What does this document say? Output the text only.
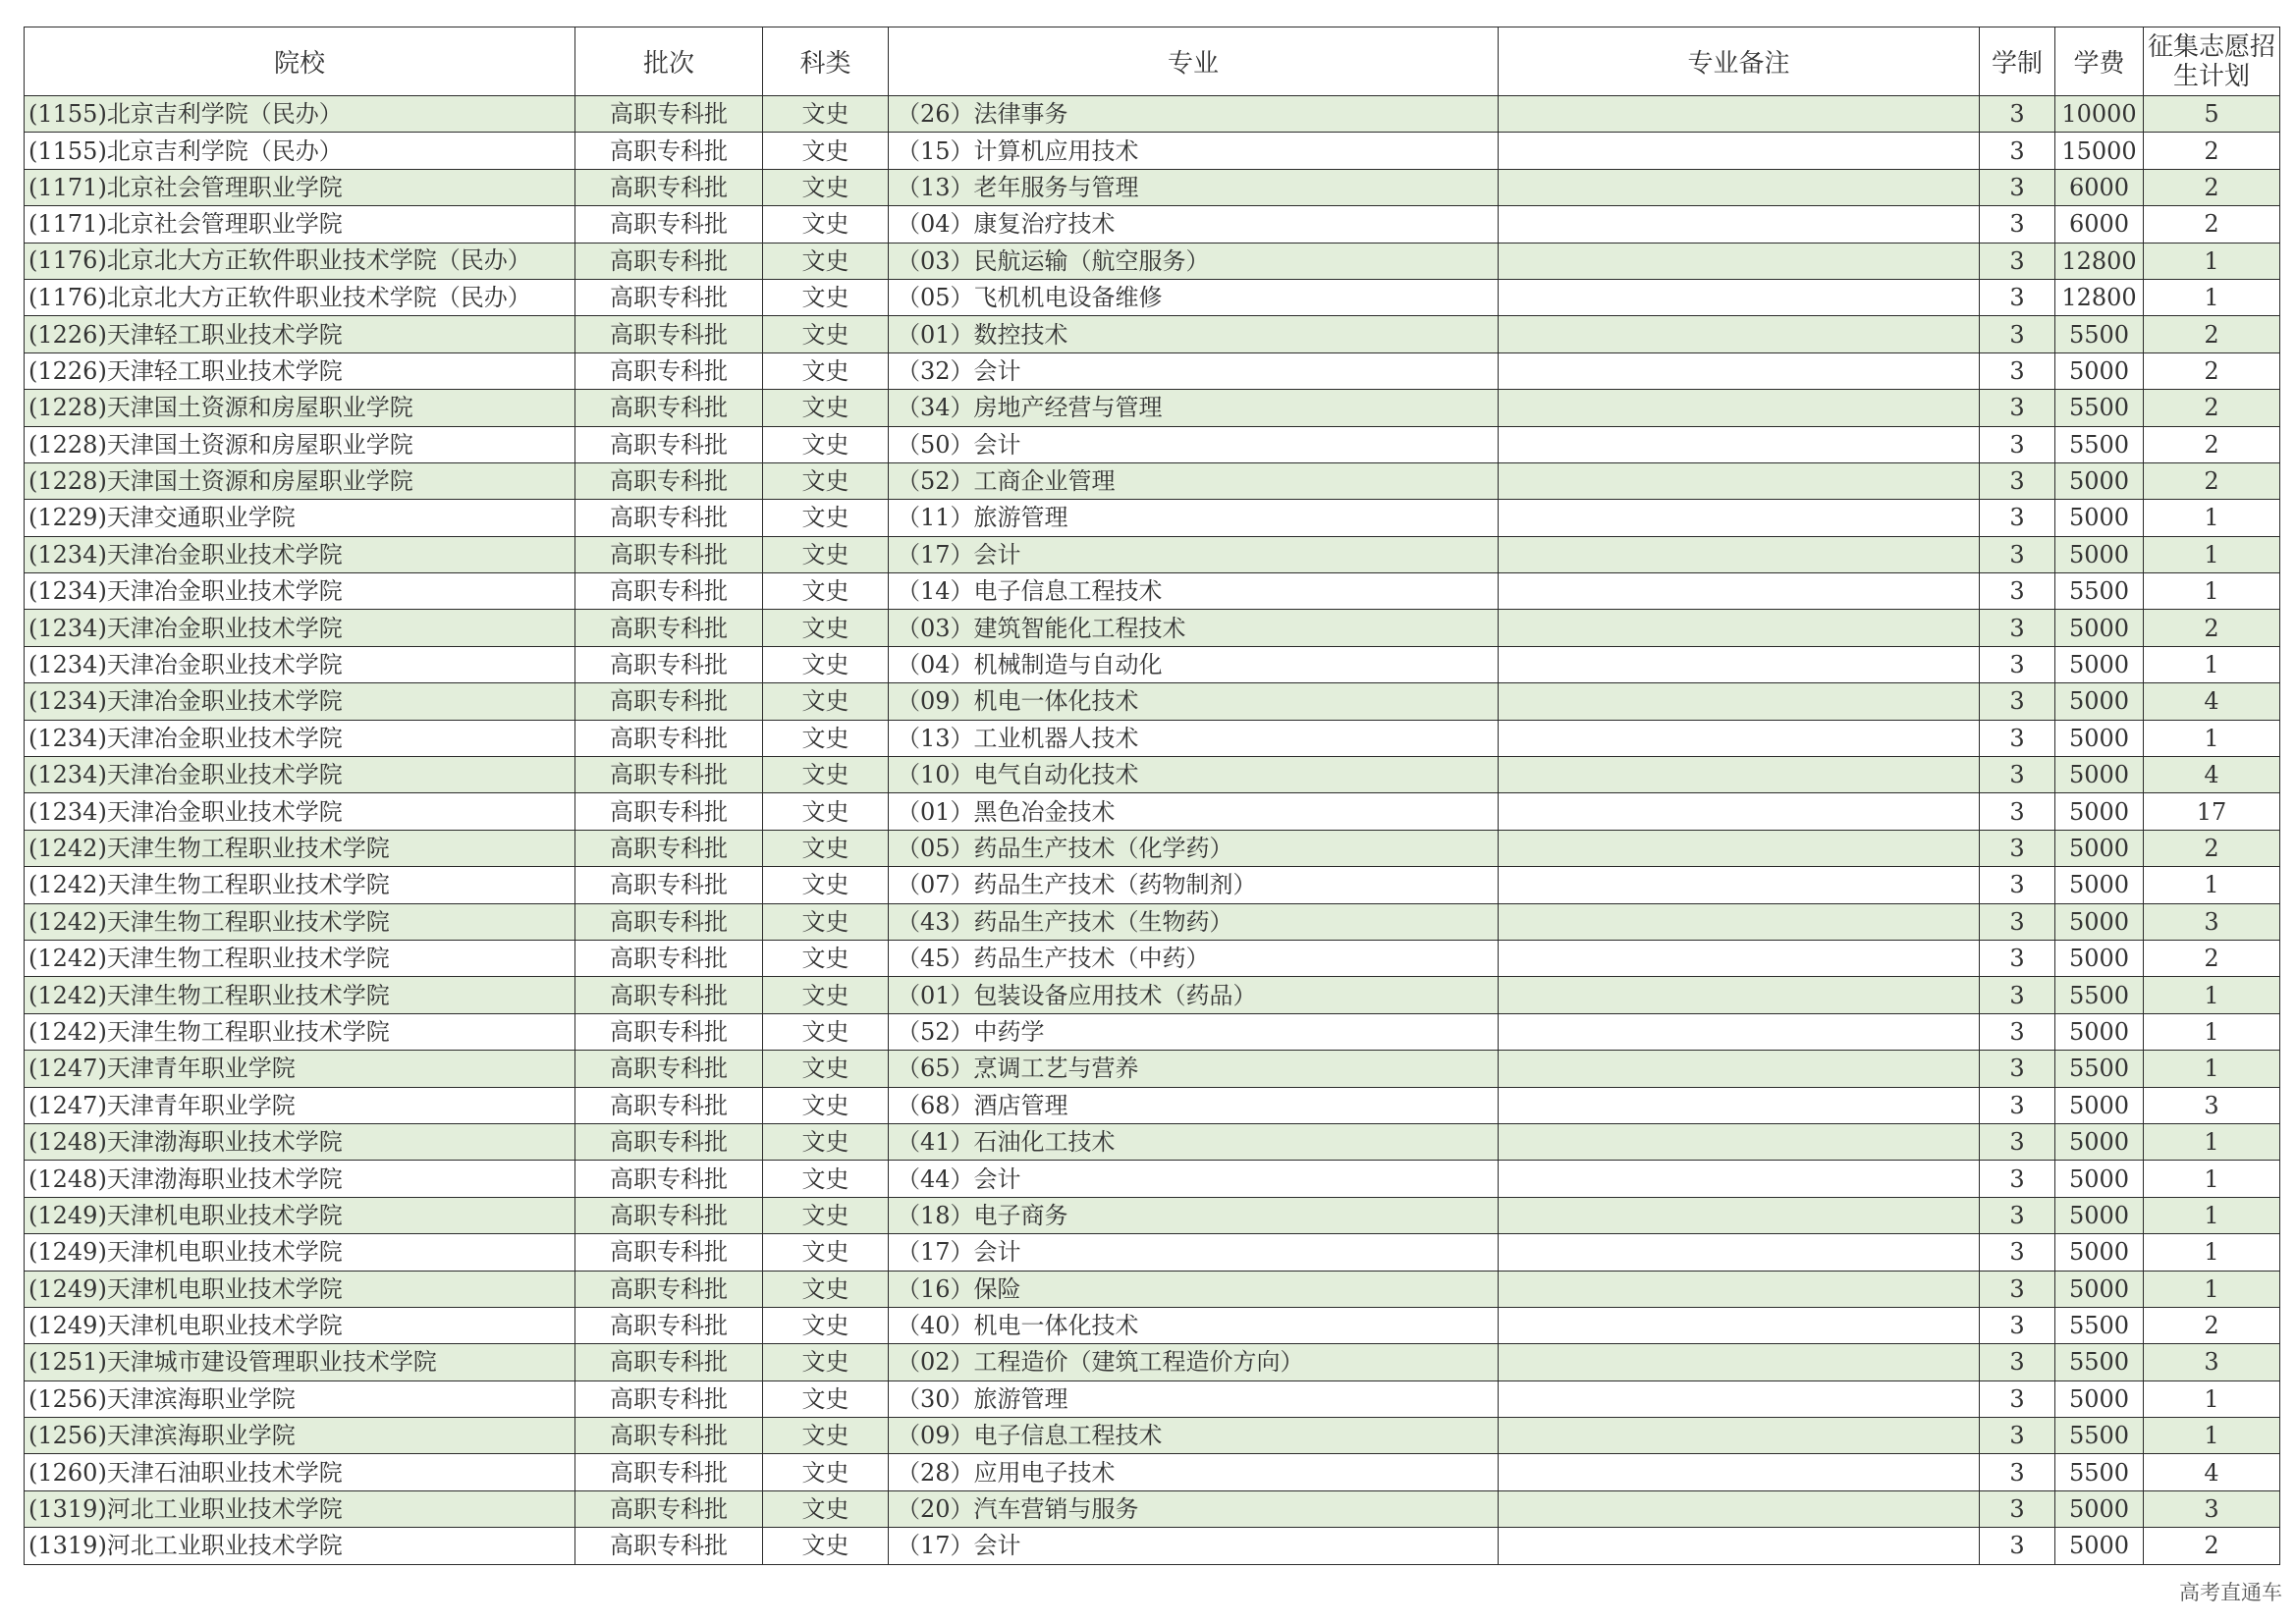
院校	批次	科类	专业	专业备注	学制	学费	征集志愿招生计划
(1155)北京吉利学院（民办）	高职专科批	文史	（26）法律事务		3	10000	5
(1155)北京吉利学院（民办）	高职专科批	文史	（15）计算机应用技术		3	15000	2
(1171)北京社会管理职业学院	高职专科批	文史	（13）老年服务与管理		3	6000	2
(1171)北京社会管理职业学院	高职专科批	文史	（04）康复治疗技术		3	6000	2
(1176)北京北大方正软件职业技术学院（民办）	高职专科批	文史	（03）民航运输（航空服务）		3	12800	1
(1176)北京北大方正软件职业技术学院（民办）	高职专科批	文史	（05）飞机机电设备维修		3	12800	1
(1226)天津轻工职业技术学院	高职专科批	文史	（01）数控技术		3	5500	2
(1226)天津轻工职业技术学院	高职专科批	文史	（32）会计		3	5000	2
(1228)天津国土资源和房屋职业学院	高职专科批	文史	（34）房地产经营与管理		3	5500	2
(1228)天津国土资源和房屋职业学院	高职专科批	文史	（50）会计		3	5500	2
(1228)天津国土资源和房屋职业学院	高职专科批	文史	（52）工商企业管理		3	5000	2
(1229)天津交通职业学院	高职专科批	文史	（11）旅游管理		3	5000	1
(1234)天津冶金职业技术学院	高职专科批	文史	（17）会计		3	5000	1
(1234)天津冶金职业技术学院	高职专科批	文史	（14）电子信息工程技术		3	5500	1
(1234)天津冶金职业技术学院	高职专科批	文史	（03）建筑智能化工程技术		3	5000	2
(1234)天津冶金职业技术学院	高职专科批	文史	（04）机械制造与自动化		3	5000	1
(1234)天津冶金职业技术学院	高职专科批	文史	（09）机电一体化技术		3	5000	4
(1234)天津冶金职业技术学院	高职专科批	文史	（13）工业机器人技术		3	5000	1
(1234)天津冶金职业技术学院	高职专科批	文史	（10）电气自动化技术		3	5000	4
(1234)天津冶金职业技术学院	高职专科批	文史	（01）黑色冶金技术		3	5000	17
(1242)天津生物工程职业技术学院	高职专科批	文史	（05）药品生产技术（化学药）		3	5000	2
(1242)天津生物工程职业技术学院	高职专科批	文史	（07）药品生产技术（药物制剂）		3	5000	1
(1242)天津生物工程职业技术学院	高职专科批	文史	（43）药品生产技术（生物药）		3	5000	3
(1242)天津生物工程职业技术学院	高职专科批	文史	（45）药品生产技术（中药）		3	5000	2
(1242)天津生物工程职业技术学院	高职专科批	文史	（01）包装设备应用技术（药品）		3	5500	1
(1242)天津生物工程职业技术学院	高职专科批	文史	（52）中药学		3	5000	1
(1247)天津青年职业学院	高职专科批	文史	（65）烹调工艺与营养		3	5500	1
(1247)天津青年职业学院	高职专科批	文史	（68）酒店管理		3	5000	3
(1248)天津渤海职业技术学院	高职专科批	文史	（41）石油化工技术		3	5000	1
(1248)天津渤海职业技术学院	高职专科批	文史	（44）会计		3	5000	1
(1249)天津机电职业技术学院	高职专科批	文史	（18）电子商务		3	5000	1
(1249)天津机电职业技术学院	高职专科批	文史	（17）会计		3	5000	1
(1249)天津机电职业技术学院	高职专科批	文史	（16）保险		3	5000	1
(1249)天津机电职业技术学院	高职专科批	文史	（40）机电一体化技术		3	5500	2
(1251)天津城市建设管理职业技术学院	高职专科批	文史	（02）工程造价（建筑工程造价方向）		3	5500	3
(1256)天津滨海职业学院	高职专科批	文史	（30）旅游管理		3	5000	1
(1256)天津滨海职业学院	高职专科批	文史	（09）电子信息工程技术		3	5500	1
(1260)天津石油职业技术学院	高职专科批	文史	（28）应用电子技术		3	5500	4
(1319)河北工业职业技术学院	高职专科批	文史	（20）汽车营销与服务		3	5000	3
(1319)河北工业职业技术学院	高职专科批	文史	（17）会计		3	5000	2
高考直通车
